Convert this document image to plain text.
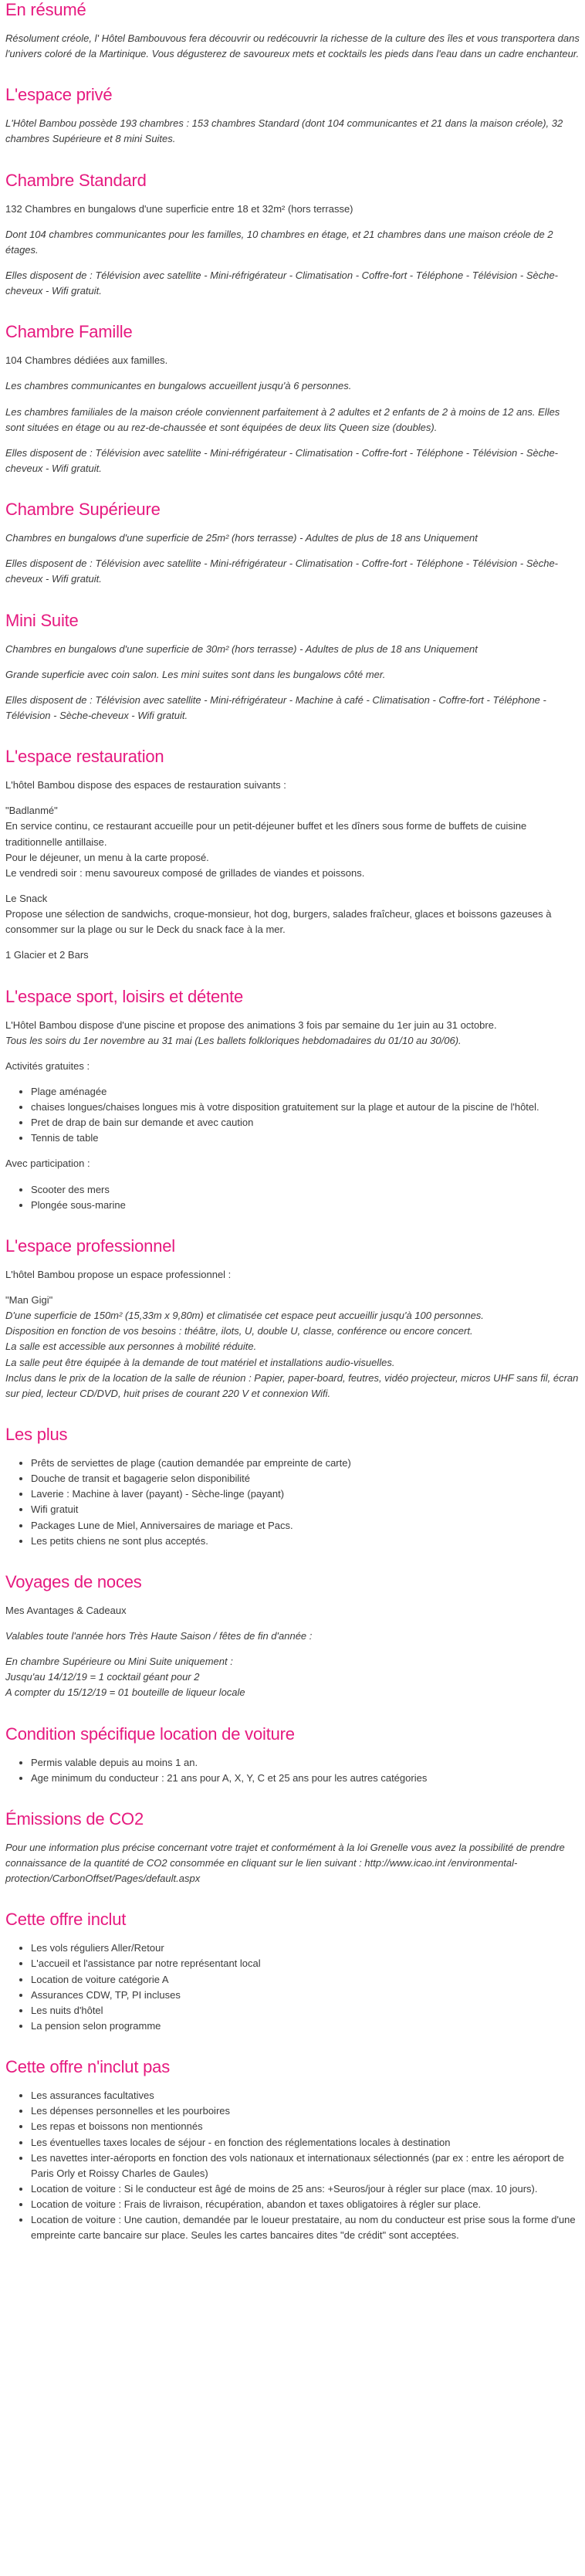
En résumé

Résolument créole, l' Hôtel Bambouvous fera découvrir ou redécouvrir la richesse de la culture des îles et vous transportera dans l'univers coloré de la Martinique. Vous dégusterez de savoureux mets et cocktails les pieds dans l'eau dans un cadre enchanteur.

L'espace privé

L'Hôtel Bambou possède 193 chambres : 153 chambres Standard (dont 104 communicantes et 21 dans la maison créole), 32 chambres Supérieure et 8 mini Suites.

Chambre Standard

132 Chambres en bungalows d'une superficie entre 18 et 32m² (hors terrasse)

Dont 104 chambres communicantes pour les familles, 10 chambres en étage, et 21 chambres dans une maison créole de 2 étages.

Elles disposent de : Télévision avec satellite - Mini-réfrigérateur - Climatisation - Coffre-fort - Téléphone - Télévision - Sèche-cheveux - Wifi gratuit.

Chambre Famille

104 Chambres dédiées aux familles.

Les chambres communicantes en bungalows accueillent jusqu'à 6 personnes.

Les chambres familiales de la maison créole conviennent parfaitement à 2 adultes et 2 enfants de 2 à moins de 12 ans. Elles sont situées en étage ou au rez-de-chaussée et sont équipées de deux lits Queen size (doubles).

Elles disposent de : Télévision avec satellite - Mini-réfrigérateur - Climatisation - Coffre-fort - Téléphone - Télévision - Sèche-cheveux - Wifi gratuit.

Chambre Supérieure

Chambres en bungalows d'une superficie de 25m² (hors terrasse) - Adultes de plus de 18 ans Uniquement

Elles disposent de : Télévision avec satellite - Mini-réfrigérateur - Climatisation - Coffre-fort - Téléphone - Télévision - Sèche-cheveux - Wifi gratuit.

Mini Suite

Chambres en bungalows d'une superficie de 30m² (hors terrasse) - Adultes de plus de 18 ans Uniquement

Grande superficie avec coin salon. Les mini suites sont dans les bungalows côté mer.

Elles disposent de : Télévision avec satellite - Mini-réfrigérateur - Machine à café - Climatisation - Coffre-fort - Téléphone - Télévision - Sèche-cheveux - Wifi gratuit.

L'espace restauration

L'hôtel Bambou dispose des espaces de restauration suivants :

"Badlanmé"

En service continu, ce restaurant accueille pour un petit-déjeuner buffet et les dîners sous forme de buffets de cuisine traditionnelle antillaise.

Pour le déjeuner, un menu à la carte proposé.

Le vendredi soir : menu savoureux composé de grillades de viandes et poissons.

Le Snack

Propose une sélection de sandwichs, croque-monsieur, hot dog, burgers, salades fraîcheur, glaces et boissons gazeuses à consommer sur la plage ou sur le Deck du snack face à la mer.

1 Glacier et 2 Bars

L'espace sport, loisirs et détente

L'Hôtel Bambou dispose d'une piscine et propose des animations 3 fois par semaine du 1er juin au 31 octobre.

Tous les soirs du 1er novembre au 31 mai (Les ballets folkloriques hebdomadaires du 01/10 au 30/06).

Activités gratuites :

• Plage aménagée
• chaises longues/chaises longues mis à votre disposition gratuitement sur la plage et autour de la piscine de l'hôtel.
• Pret de drap de bain sur demande et avec caution
• Tennis de table

Avec participation :

• Scooter des mers
• Plongée sous-marine
L'espace professionnel

L'hôtel Bambou propose un espace professionnel :

"Man Gigi"

D'une superficie de 150m² (15,33m x 9,80m) et climatisée cet espace peut accueillir jusqu'à 100 personnes.

Disposition en fonction de vos besoins : théâtre, ilots, U, double U, classe, conférence ou encore concert.

La salle est accessible aux personnes à mobilité réduite.

La salle peut être équipée à la demande de tout matériel et installations audio-visuelles.

Inclus dans le prix de la location de la salle de réunion : Papier, paper-board, feutres, vidéo projecteur, micros UHF sans fil, écran sur pied, lecteur CD/DVD, huit prises de courant 220 V et connexion Wifi.

Les plus
• Prêts de serviettes de plage (caution demandée par empreinte de carte)
• Douche de transit et bagagerie selon disponibilité
• Laverie : Machine à laver (payant) - Sèche-linge (payant)
• Wifi gratuit
• Packages Lune de Miel, Anniversaires de mariage et Pacs.
• Les petits chiens ne sont plus acceptés.
Voyages de noces

Mes Avantages & Cadeaux

Valables toute l'année hors Très Haute Saison / fêtes de fin d'année :

En chambre Supérieure ou Mini Suite uniquement :

Jusqu'au 14/12/19 = 1 cocktail géant pour 2

A compter du 15/12/19 = 01 bouteille de liqueur locale

Condition spécifique location de voiture
• Permis valable depuis au moins 1 an.
• Age minimum du conducteur : 21 ans pour A, X, Y, C et 25 ans pour les autres catégories
Émissions de CO2

Pour une information plus précise concernant votre trajet et conformément à la loi Grenelle vous avez la possibilité de prendre connaissance de la quantité de CO2 consommée en cliquant sur le lien suivant : http://www.icao.int /environmental-protection/CarbonOffset/Pages/default.aspx

Cette offre inclut
• Les vols réguliers Aller/Retour
• L'accueil et l'assistance par notre représentant local
• Location de voiture catégorie A
• Assurances CDW, TP, PI incluses
• Les nuits d'hôtel
• La pension selon programme
Cette offre n'inclut pas
• Les assurances facultatives
• Les dépenses personnelles et les pourboires
• Les repas et boissons non mentionnés
• Les éventuelles taxes locales de séjour - en fonction des réglementations locales à destination
• Les navettes inter-aéroports en fonction des vols nationaux et internationaux sélectionnés (par ex : entre les aéroport de Paris Orly et Roissy Charles de Gaules)
• Location de voiture : Si le conducteur est âgé de moins de 25 ans: +Seuros/jour à régler sur place (max. 10 jours).
• Location de voiture : Frais de livraison, récupération, abandon et taxes obligatoires à régler sur place.
• Location de voiture : Une caution, demandée par le loueur prestataire, au nom du conducteur est prise sous la forme d'une empreinte carte bancaire sur place. Seules les cartes bancaires dites "de crédit" sont acceptées.
